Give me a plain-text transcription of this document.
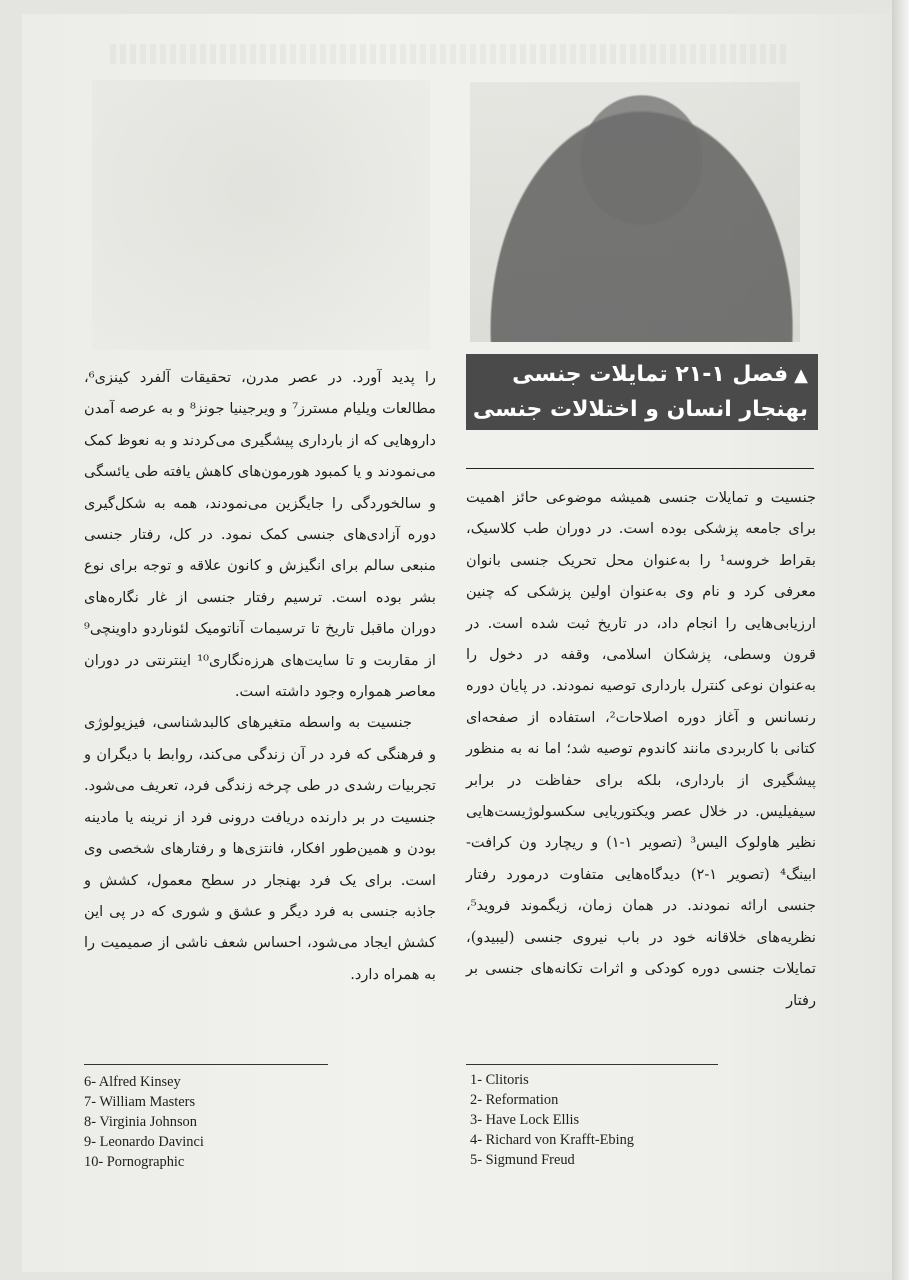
▲فصل ۱-۲۱ تمایلات جنسی
بهنجار انسان و اختلالات جنسی

را پدید آورد. در عصر مدرن، تحقیقات آلفرد کینزی⁶، مطالعات ویلیام مسترز⁷ و ویرجینیا جونز⁸ و به عرصه آمدن داروهایی که از بارداری پیشگیری می‌کردند و به نعوظ کمک می‌نمودند و یا کمبود هورمون‌های کاهش یافته طی یائسگی و سالخوردگی را جایگزین می‌نمودند، همه به شکل‌گیری دوره آزادی‌های جنسی کمک نمود. در کل، رفتار جنسی منبعی سالم برای انگیزش و کانون علاقه و توجه برای نوع بشر بوده است. ترسیم رفتار جنسی از غار نگاره‌های دوران ماقبل تاریخ تا ترسیمات آناتومیک لئوناردو داوینچی⁹ از مقاربت و تا سایت‌های هرزه‌نگاری¹⁰ اینترنتی در دوران معاصر همواره وجود داشته است.

جنسیت به واسطه متغیرهای کالبدشناسی، فیزیولوژی و فرهنگی که فرد در آن زندگی می‌کند، روابط با دیگران و تجربیات رشدی در طی چرخه زندگی فرد، تعریف می‌شود. جنسیت در بر دارنده دریافت درونی فرد از نرینه یا مادینه بودن و همین‌طور افکار، فانتزی‌ها و رفتارهای شخصی وی است. برای یک فرد بهنجار در سطح معمول، کشش و جاذبه جنسی به فرد دیگر و عشق و شوری که در پی این کشش ایجاد می‌شود، احساس شعف ناشی از صمیمیت را به همراه دارد.

جنسیت و تمایلات جنسی همیشه موضوعی حائز اهمیت برای جامعه پزشکی بوده است. در دوران طب کلاسیک، بقراط خروسه¹ را به‌عنوان محل تحریک جنسی بانوان معرفی کرد و نام وی به‌عنوان اولین پزشکی که چنین ارزیابی‌هایی را انجام داد، در تاریخ ثبت شده است. در قرون وسطی، پزشکان اسلامی، وقفه در دخول را به‌عنوان نوعی کنترل بارداری توصیه نمودند. در پایان دوره رنسانس و آغاز دوره اصلاحات²، استفاده از صفحه‌ای کتانی با کاربردی مانند کاندوم توصیه شد؛ اما نه به منظور پیشگیری از بارداری، بلکه برای حفاظت در برابر سیفیلیس. در خلال عصر ویکتوریایی سکسولوژیست‌هایی نظیر هاولوک الیس³ (تصویر ۱-۱) و ریچارد ون کرافت- ابینگ⁴ (تصویر ۱-۲) دیدگاه‌هایی متفاوت درمورد رفتار جنسی ارائه نمودند. در همان زمان، زیگموند فروید⁵، نظریه‌های خلاقانه خود در باب نیروی جنسی (لیبیدو)، تمایلات جنسی دوره کودکی و اثرات تکانه‌های جنسی بر رفتار

6- Alfred Kinsey
7- William Masters
8- Virginia Johnson
9- Leonardo Davinci
10- Pornographic
1- Clitoris
2- Reformation
3- Have Lock Ellis
4- Richard von Krafft-Ebing
5- Sigmund Freud
